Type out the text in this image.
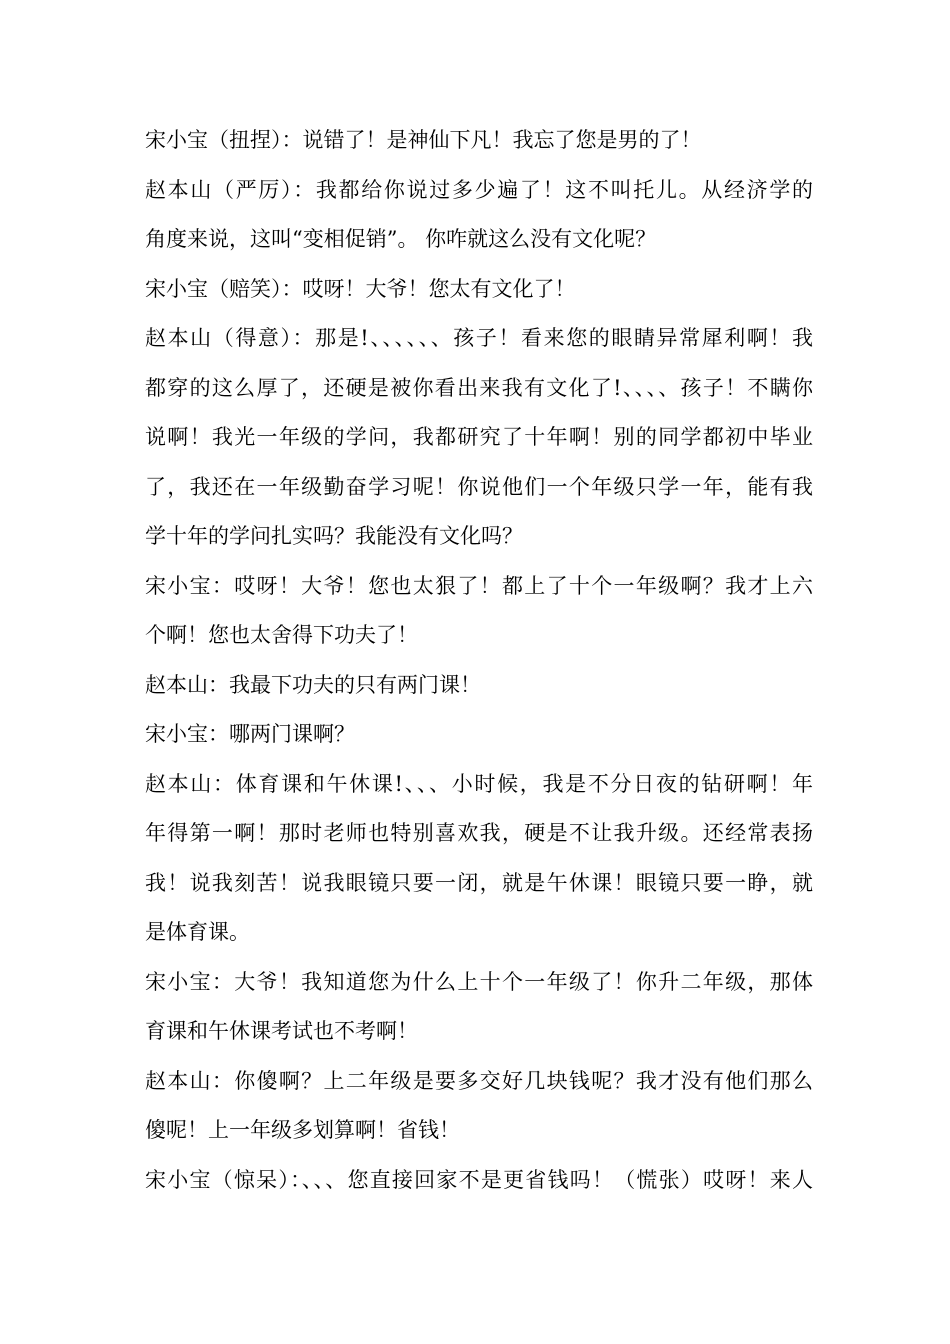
宋小宝（扭捏）：说错了！是神仙下凡！我忘了您是男的了！
赵本山（严厉）：我都给你说过多少遍了！这不叫托儿。从经济学的
角度来说，这叫“变相促销”。 你咋就这么没有文化呢？
宋小宝（赔笑）：哎呀！大爷！您太有文化了！
赵本山（得意）：那是!、、、、、、孩子！看来您的眼睛异常犀利啊！我
都穿的这么厚了，还硬是被你看出来我有文化了!、、、、孩子！不瞒你
说啊！我光一年级的学问，我都研究了十年啊！别的同学都初中毕业
了，我还在一年级勤奋学习呢！你说他们一个年级只学一年，能有我
学十年的学问扎实吗？我能没有文化吗？
宋小宝：哎呀！大爷！您也太狠了！都上了十个一年级啊？我才上六
个啊！您也太舍得下功夫了！
赵本山：我最下功夫的只有两门课！
宋小宝：哪两门课啊？
赵本山：体育课和午休课!、、、小时候，我是不分日夜的钻研啊！年
年得第一啊！那时老师也特别喜欢我，硬是不让我升级。还经常表扬
我！说我刻苦！说我眼镜只要一闭，就是午休课！眼镜只要一睁，就
是体育课。
宋小宝：大爷！我知道您为什么上十个一年级了！你升二年级，那体
育课和午休课考试也不考啊！
赵本山：你傻啊？上二年级是要多交好几块钱呢？我才没有他们那么
傻呢！上一年级多划算啊！省钱！
宋小宝（惊呆）：、、、您直接回家不是更省钱吗！（慌张）哎呀！来人
